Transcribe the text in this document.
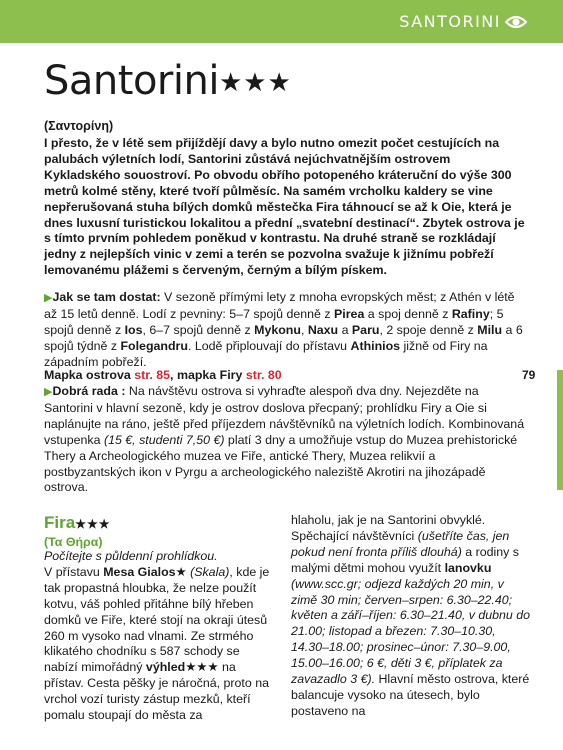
SANTORINI
Santorini★★★
(Σαντορίνη)

I přesto, že v létě sem přijíždějí davy a bylo nutno omezit počet cestujících na palubách výletních lodí, Santorini zůstává nejúchvatnějším ostrovem Kykladského souostroví. Po obvodu obřího potopeného kráteruční do výše 300 metrů kolmé stěny, které tvoří půlměsíc. Na samém vrcholku kaldery se vine nepřerušovaná stuha bílých domků městečka Fira táhnoucí se až k Oie, která je dnes luxusní turistickou lokalitou a přední „svatební destinací“. Zbytek ostrova je s tímto prvním pohledem poněkud v kontrastu. Na druhé straně se rozkládají jedny z nejlepších vinic v zemi a terén se pozvolna svažuje k jižnímu pobřeží lemovanému plážemi s červeným, černým a bílým pískem.

▶Jak se tam dostat: V sezoně přímými lety z mnoha evropských měst; z Athén v létě až 15 letů denně. Lodí z pevniny: 5–7 spojů denně z Pirea a spoj denně z Rafiny; 5 spojů denně z Ios, 6–7 spojů denně z Mykonu, Naxu a Paru, 2 spoje denně z Milu a 6 spojů týdně z Folegandru. Lodě připlouvají do přístavu Athinios jižně od Firy na západním pobřeží.

Mapka ostrova str. 85, mapka Firy str. 80	79

▶Dobrá rada : Na návštěvu ostrova si vyhraďte alespoň dva dny. Nejezděte na Santorini v hlavní sezoně, kdy je ostrov doslova přecpaný; prohlídku Firy a Oie si naplánujte na ráno, ještě před příjezdem návštěvníků na výletních lodích. Kombinovaná vstupenka (15 €, studenti 7,50 €) platí 3 dny a umožňuje vstup do Muzea prehistorické Thery a Archeologického muzea ve Fiře, antické Thery, Muzea relikvií a postbyzantských ikon v Pyrgu a archeologického naleziště Akrotiri na jihozápadě ostrova.

Fira★★★

(Τα Θήρα)

Počítejte s půldenní prohlídkou.

V přístavu Mesa Gialos★ (Skala), kde je tak propastná hloubka, že nelze použít kotvu, váš pohled přitáhne bílý hřeben domků ve Fiře, které stojí na okraji útesů 260 m vysoko nad vlnami. Ze strmého klikatého chodníku s 587 schody se nabízí mimořádný výhled★★★ na přístav. Cesta pěšky je náročná, proto na vrchol vozí turisty zástup mezků, kteří pomalu stoupají do města za

hlaholu, jak je na Santorini obvyklé. Spěchající návštěvníci (ušetříte čas, jen pokud není fronta příliš dlouhá) a rodiny s malými dětmi mohou využít lanovku (www.scc.gr; odjezd každých 20 min, v zimě 30 min; červen–srpen: 6.30–22.40; květen a září–říjen: 6.30–21.40, v dubnu do 21.00; listopad a březen: 7.30–10.30, 14.30–18.00; prosinec–únor: 7.30–9.00, 15.00–16.00; 6 €, děti 3 €, příplatek za zavazadlo 3 €). Hlavní město ostrova, které balancuje vysoko na útesech, bylo postaveno na
